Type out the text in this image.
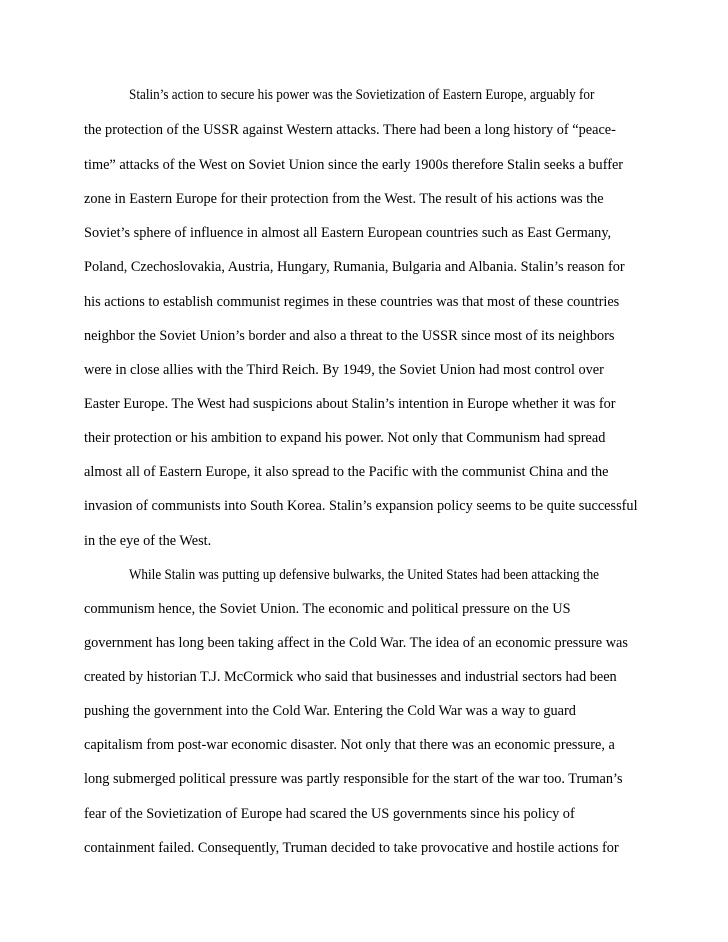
Stalin’s action to secure his power was the Sovietization of Eastern Europe, arguably for
the protection of the USSR against Western attacks. There had been a long history of “peace-
time” attacks of the West on Soviet Union since the early 1900s therefore Stalin seeks a buffer
zone in Eastern Europe for their protection from the West. The result of his actions was the
Soviet’s sphere of influence in almost all Eastern European countries such as East Germany,
Poland, Czechoslovakia, Austria, Hungary, Rumania, Bulgaria and Albania. Stalin’s reason for
his actions to establish communist regimes in these countries was that most of these countries
neighbor the Soviet Union’s border and also a threat to the USSR since most of its neighbors
were in close allies with the Third Reich. By 1949, the Soviet Union had most control over
Easter Europe. The West had suspicions about Stalin’s intention in Europe whether it was for
their protection or his ambition to expand his power. Not only that Communism had spread
almost all of Eastern Europe, it also spread to the Pacific with the communist China and the
invasion of communists into South Korea. Stalin’s expansion policy seems to be quite successful
in the eye of the West.
While Stalin was putting up defensive bulwarks, the United States had been attacking the
communism hence, the Soviet Union. The economic and political pressure on the US
government has long been taking affect in the Cold War. The idea of an economic pressure was
created by historian T.J. McCormick who said that businesses and industrial sectors had been
pushing the government into the Cold War. Entering the Cold War was a way to guard
capitalism from post-war economic disaster. Not only that there was an economic pressure, a
long submerged political pressure was partly responsible for the start of the war too. Truman’s
fear of the Sovietization of Europe had scared the US governments since his policy of
containment failed. Consequently, Truman decided to take provocative and hostile actions for
